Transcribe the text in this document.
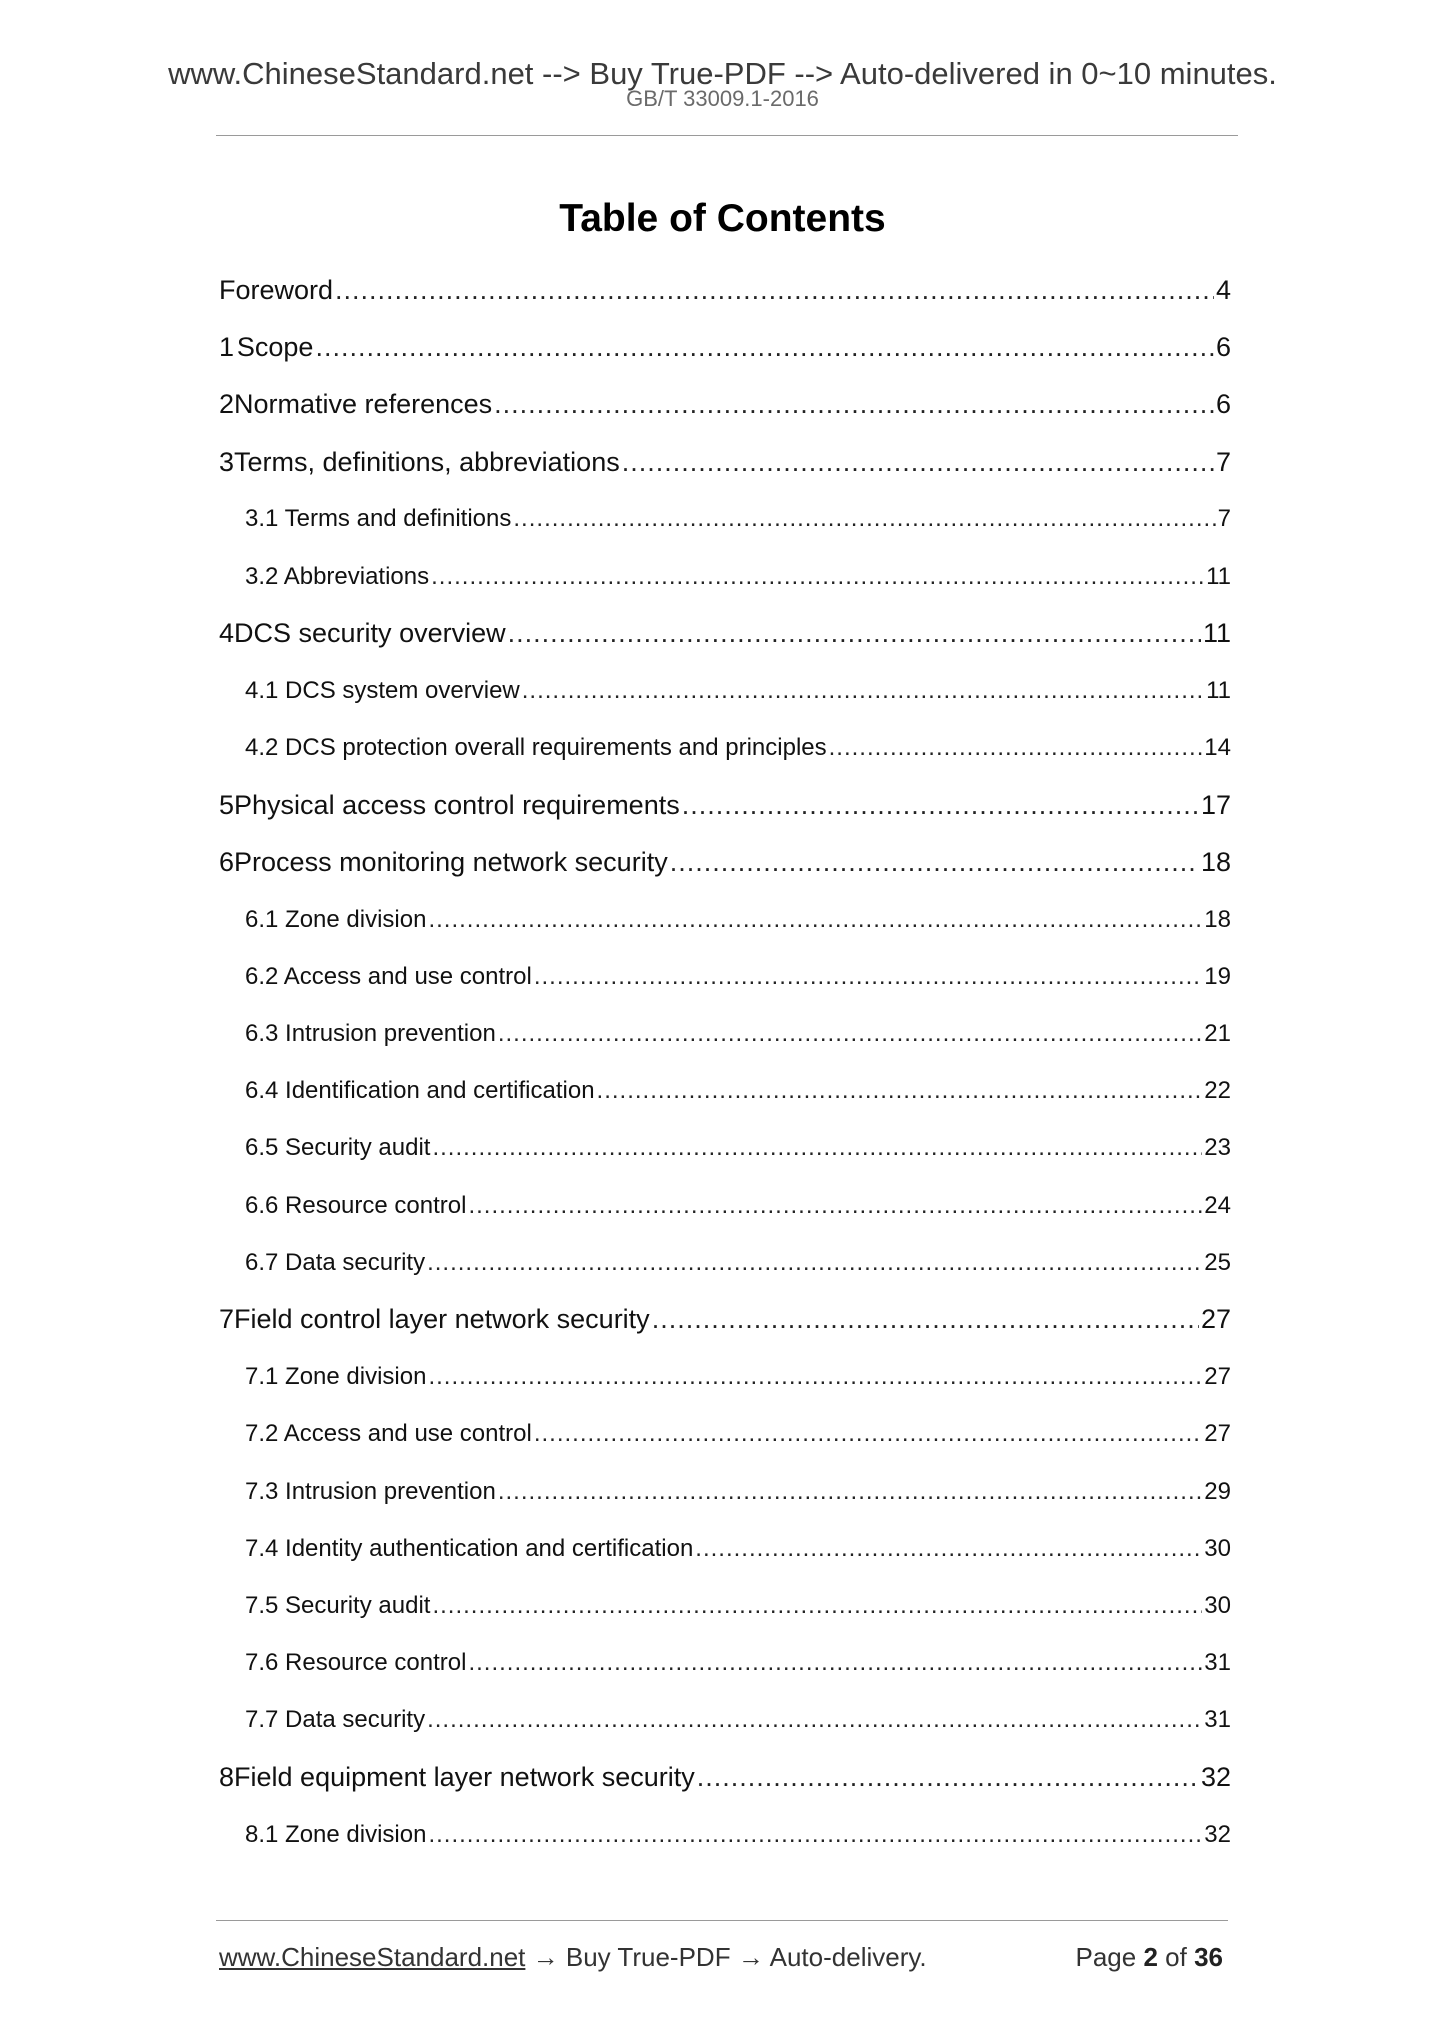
www.ChineseStandard.net --> Buy True-PDF --> Auto-delivered in 0~10 minutes.
GB/T 33009.1-2016
Table of Contents
Foreword .....	4
1 Scope .....	6
2 Normative references .....	6
3 Terms, definitions, abbreviations .....	7
3.1 Terms and definitions .....	7
3.2 Abbreviations .....	11
4 DCS security overview .....	11
4.1 DCS system overview .....	11
4.2 DCS protection overall requirements and principles .....	14
5 Physical access control requirements .....	17
6 Process monitoring network security .....	18
6.1 Zone division .....	18
6.2 Access and use control .....	19
6.3 Intrusion prevention .....	21
6.4 Identification and certification .....	22
6.5 Security audit .....	23
6.6 Resource control .....	24
6.7 Data security .....	25
7 Field control layer network security .....	27
7.1 Zone division .....	27
7.2 Access and use control .....	27
7.3 Intrusion prevention .....	29
7.4 Identity authentication and certification .....	30
7.5 Security audit .....	30
7.6 Resource control .....	31
7.7 Data security .....	31
8 Field equipment layer network security .....	32
8.1 Zone division .....	32
www.ChineseStandard.net → Buy True-PDF → Auto-delivery.	Page 2 of 36
